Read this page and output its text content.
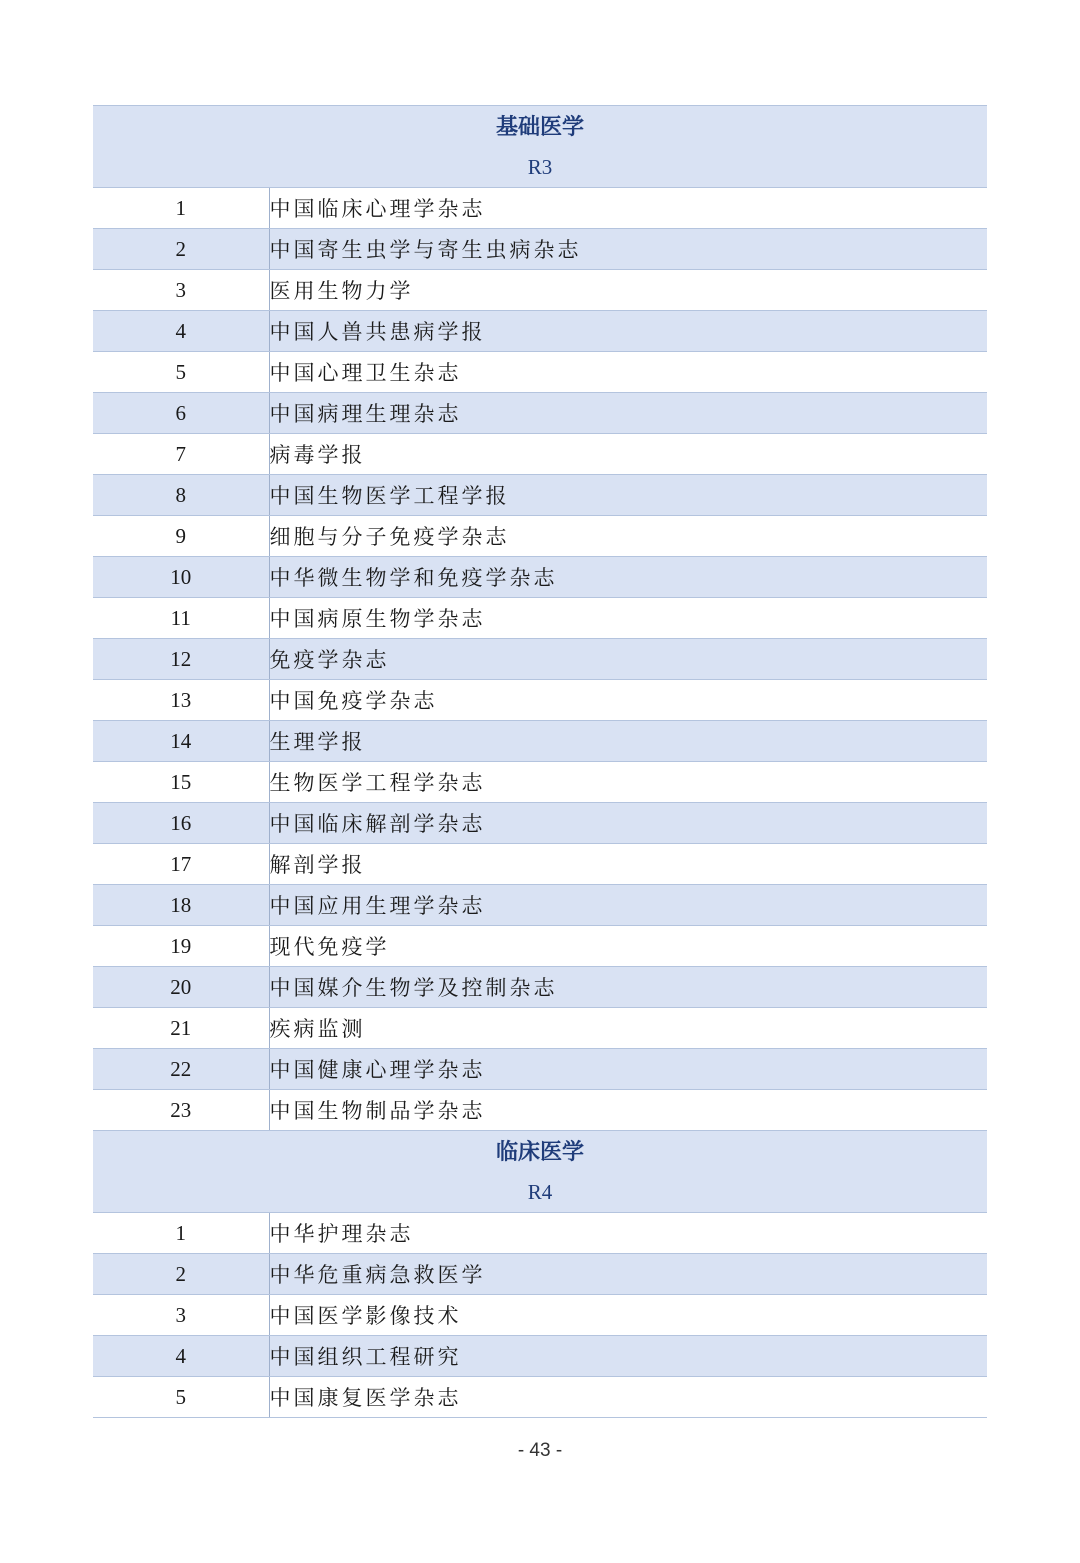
基础医学
R3	

1	中国临床心理学杂志
2	中国寄生虫学与寄生虫病杂志
3	医用生物力学
4	中国人兽共患病学报
5	中国心理卫生杂志
6	中国病理生理杂志
7	病毒学报
8	中国生物医学工程学报
9	细胞与分子免疫学杂志
10	中华微生物学和免疫学杂志
11	中国病原生物学杂志
12	免疫学杂志
13	中国免疫学杂志
14	生理学报
15	生物医学工程学杂志
16	中国临床解剖学杂志
17	解剖学报
18	中国应用生理学杂志
19	现代免疫学
20	中国媒介生物学及控制杂志
21	疾病监测
22	中国健康心理学杂志
23	中国生物制品学杂志

临床医学
R4	

1	中华护理杂志
2	中华危重病急救医学
3	中国医学影像技术
4	中国组织工程研究
5	中国康复医学杂志
- 43 -
